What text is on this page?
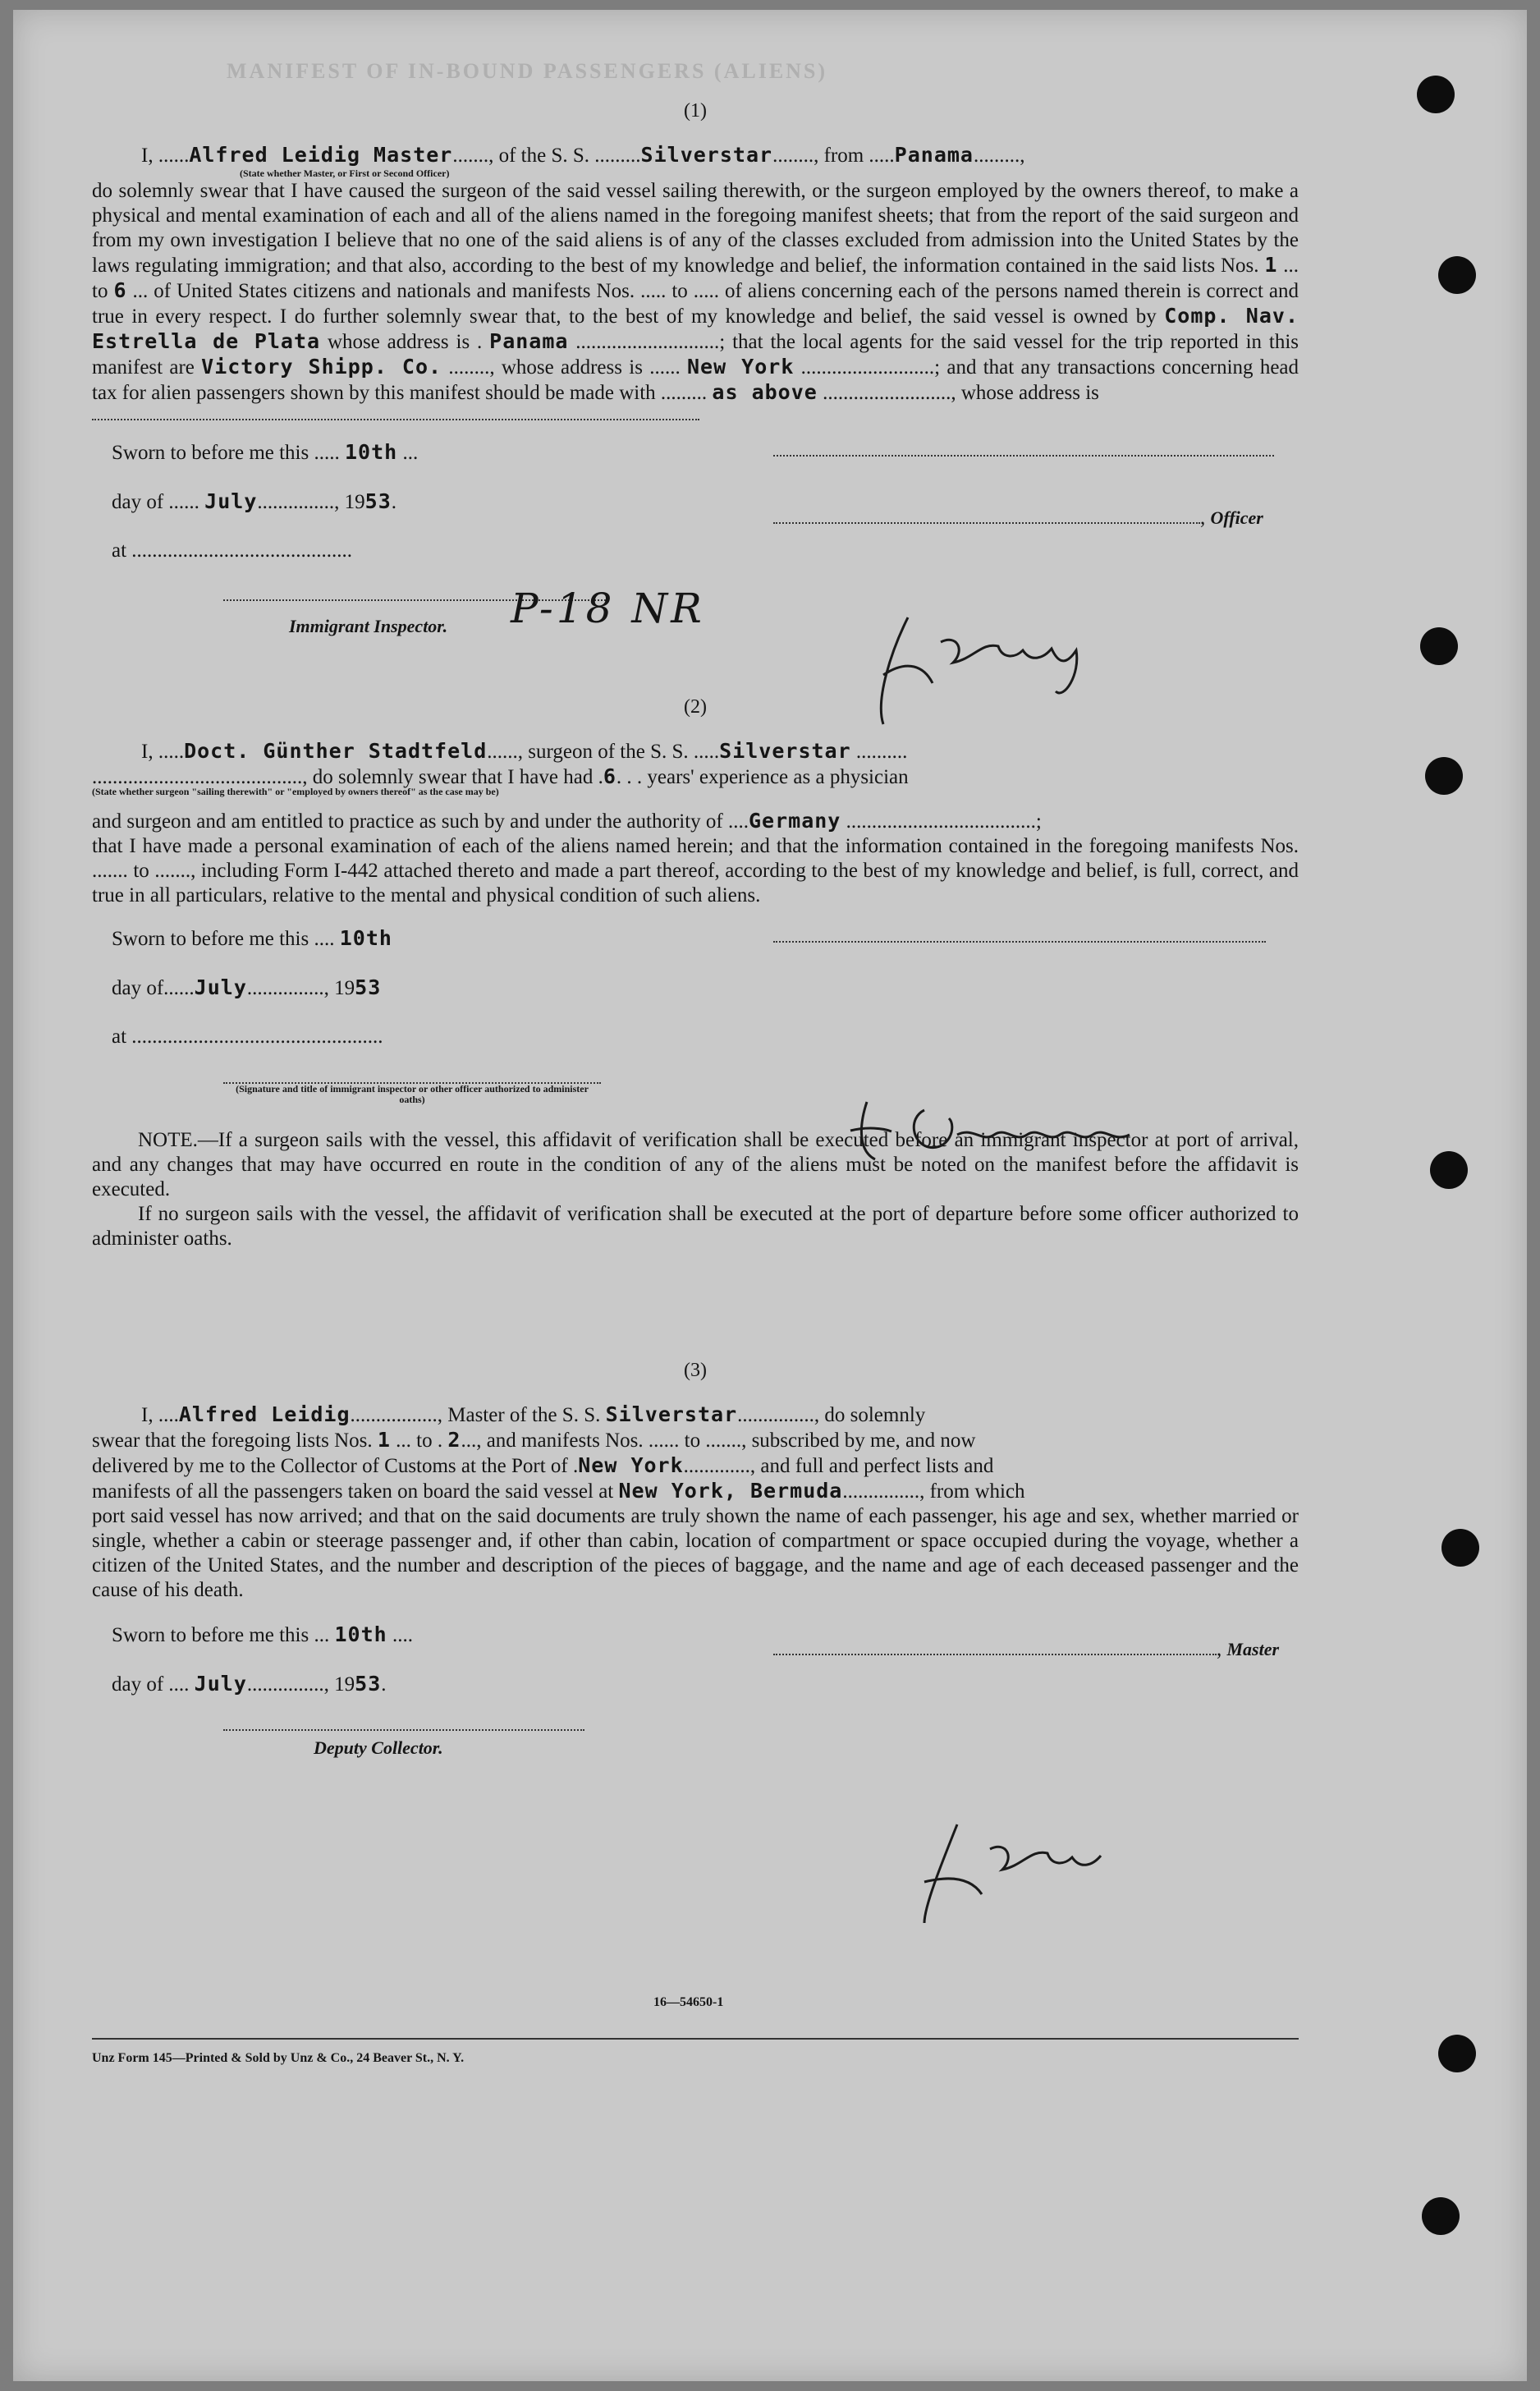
MANIFEST OF IN-BOUND PASSENGERS (ALIENS)
(1)
I, ......Alfred Leidig Master......., of the S. S. .........Silverstar........, from .....Panama.........,
(State whether Master, or First or Second Officer)

do solemnly swear that I have caused the surgeon of the said vessel sailing therewith, or the surgeon employed by the owners thereof, to make a physical and mental examination of each and all of the aliens named in the foregoing manifest sheets; that from the report of the said surgeon and from my own investigation I believe that no one of the said aliens is of any of the classes excluded from admission into the United States by the laws regulating immigration; and that also, according to the best of my knowledge and belief, the information contained in the said lists Nos. 1 ... to 6 ... of United States citizens and nationals and manifests Nos. ..... to ..... of aliens concerning each of the persons named therein is correct and true in every respect. I do further solemnly swear that, to the best of my knowledge and belief, the said vessel is owned by Comp. Nav. Estrella de Plata whose address is . Panama ............................; that the local agents for the said vessel for the trip reported in this manifest are Victory Shipp. Co. ........, whose address is ...... New York ..........................; and that any transactions concerning head tax for alien passengers shown by this manifest should be made with ......... as above ........................., whose address is

Sworn to before me this ..... 10th ...
day of ...... July..............., 1953.
, Officer
at ...........................................
Immigrant Inspector. P-18 NR
(2)
I, .....Doct. Günther Stadtfeld......, surgeon of the S. S. .....Silverstar ..........
........................................., do solemnly swear that I have had .6. . . years' experience as a physician
(State whether surgeon "sailing therewith" or "employed by owners thereof" as the case may be)
and surgeon and am entitled to practice as such by and under the authority of ....Germany .....................................;

that I have made a personal examination of each of the aliens named herein; and that the information contained in the foregoing manifests Nos. ....... to ......., including Form I-442 attached thereto and made a part thereof, according to the best of my knowledge and belief, is full, correct, and true in all particulars, relative to the mental and physical condition of such aliens.

Sworn to before me this .... 10th
day of......July..............., 1953
at .................................................
(Signature and title of immigrant inspector or other officer authorized to administer oaths)

NOTE.—If a surgeon sails with the vessel, this affidavit of verification shall be executed before an immigrant inspector at port of arrival, and any changes that may have occurred en route in the condition of any of the aliens must be noted on the manifest before the affidavit is executed.

If no surgeon sails with the vessel, the affidavit of verification shall be executed at the port of departure before some officer authorized to administer oaths.

(3)
I, ....Alfred Leidig................., Master of the S. S. Silverstar..............., do solemnly
swear that the foregoing lists Nos. 1 ... to . 2..., and manifests Nos. ...... to ......., subscribed by me, and now
delivered by me to the Collector of Customs at the Port of .New York............., and full and perfect lists and
manifests of all the passengers taken on board the said vessel at New York, Bermuda..............., from which

port said vessel has now arrived; and that on the said documents are truly shown the name of each passenger, his age and sex, whether married or single, whether a cabin or steerage passenger and, if other than cabin, location of compartment or space occupied during the voyage, whether a citizen of the United States, and the number and description of the pieces of baggage, and the name and age of each deceased passenger and the cause of his death.

Sworn to before me this ... 10th ....
, Master
day of .... July..............., 1953.
Deputy Collector.
16—54650-1
Unz Form 145—Printed & Sold by Unz & Co., 24 Beaver St., N. Y.
